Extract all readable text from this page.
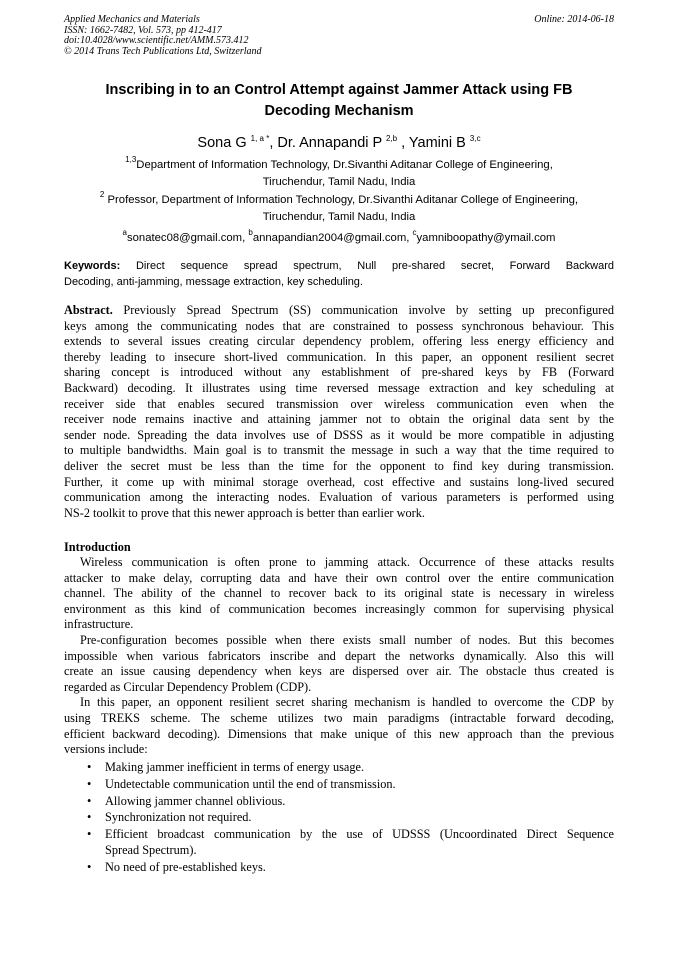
Applied Mechanics and Materials
ISSN: 1662-7482, Vol. 573, pp 412-417
doi:10.4028/www.scientific.net/AMM.573.412
© 2014 Trans Tech Publications Ltd, Switzerland
Online: 2014-06-18
Inscribing in to an Control Attempt against Jammer Attack using FB
Decoding Mechanism
Sona G $^{1, a *}$, Dr. Annapandi P $^{2,b}$ , Yamini B $^{3,c}$
$^{1,3}$Department of Information Technology, Dr.Sivanthi Aditanar College of Engineering,
Tiruchendur, Tamil Nadu, India
$^2$ Professor, Department of Information Technology, Dr.Sivanthi Aditanar College of Engineering,
Tiruchendur, Tamil Nadu, India
$^a$sonatec08@gmail.com, $^b$annapandian2004@gmail.com, $^c$yamniboopathy@ymail.com
Keywords: Direct sequence spread spectrum, Null pre-shared secret, Forward Backward
Decoding, anti-jamming, message extraction, key scheduling.
Abstract. Previously Spread Spectrum (SS) communication involve by setting up preconfigured
keys among the communicating nodes that are constrained to possess synchronous behaviour. This
extends to several issues creating circular dependency problem, offering less energy efficiency and
thereby leading to insecure short-lived communication. In this paper, an opponent resilient secret
sharing concept is introduced without any establishment of pre-shared keys by FB (Forward
Backward) decoding. It illustrates using time reversed message extraction and key scheduling at
receiver side that enables secured transmission over wireless communication even when the
receiver node remains inactive and attaining jammer not to obtain the original data sent by the
sender node. Spreading the data involves use of DSSS as it would be more compatible in adjusting
to multiple bandwidths. Main goal is to transmit the message in such a way that the time required to
deliver the secret must be less than the time for the opponent to find key during transmission.
Further, it come up with minimal storage overhead, cost effective and sustains long-lived secured
communication among the interacting nodes. Evaluation of various parameters is performed using
NS-2 toolkit to prove that this newer approach is better than earlier work.
Introduction
Wireless communication is often prone to jamming attack. Occurrence of these attacks results
attacker to make delay, corrupting data and have their own control over the entire communication
channel. The ability of the channel to recover back to its original state is necessary in wireless
environment as this kind of communication becomes increasingly common for supervising physical
infrastructure.
Pre-configuration becomes possible when there exists small number of nodes. But this becomes
impossible when various fabricators inscribe and depart the networks dynamically. Also this will
create an issue causing dependency when keys are dispersed over air. The obstacle thus created is
regarded as Circular Dependency Problem (CDP).
In this paper, an opponent resilient secret sharing mechanism is handled to overcome the CDP by
using TREKS scheme. The scheme utilizes two main paradigms (intractable forward decoding,
efficient backward decoding). Dimensions that make unique of this new approach than the previous
versions include:
• Making jammer inefficient in terms of energy usage.
• Undetectable communication until the end of transmission.
• Allowing jammer channel oblivious.
• Synchronization not required.
• Efficient broadcast communication by the use of UDSSS (Uncoordinated Direct Sequence
Spread Spectrum).
• No need of pre-established keys.
